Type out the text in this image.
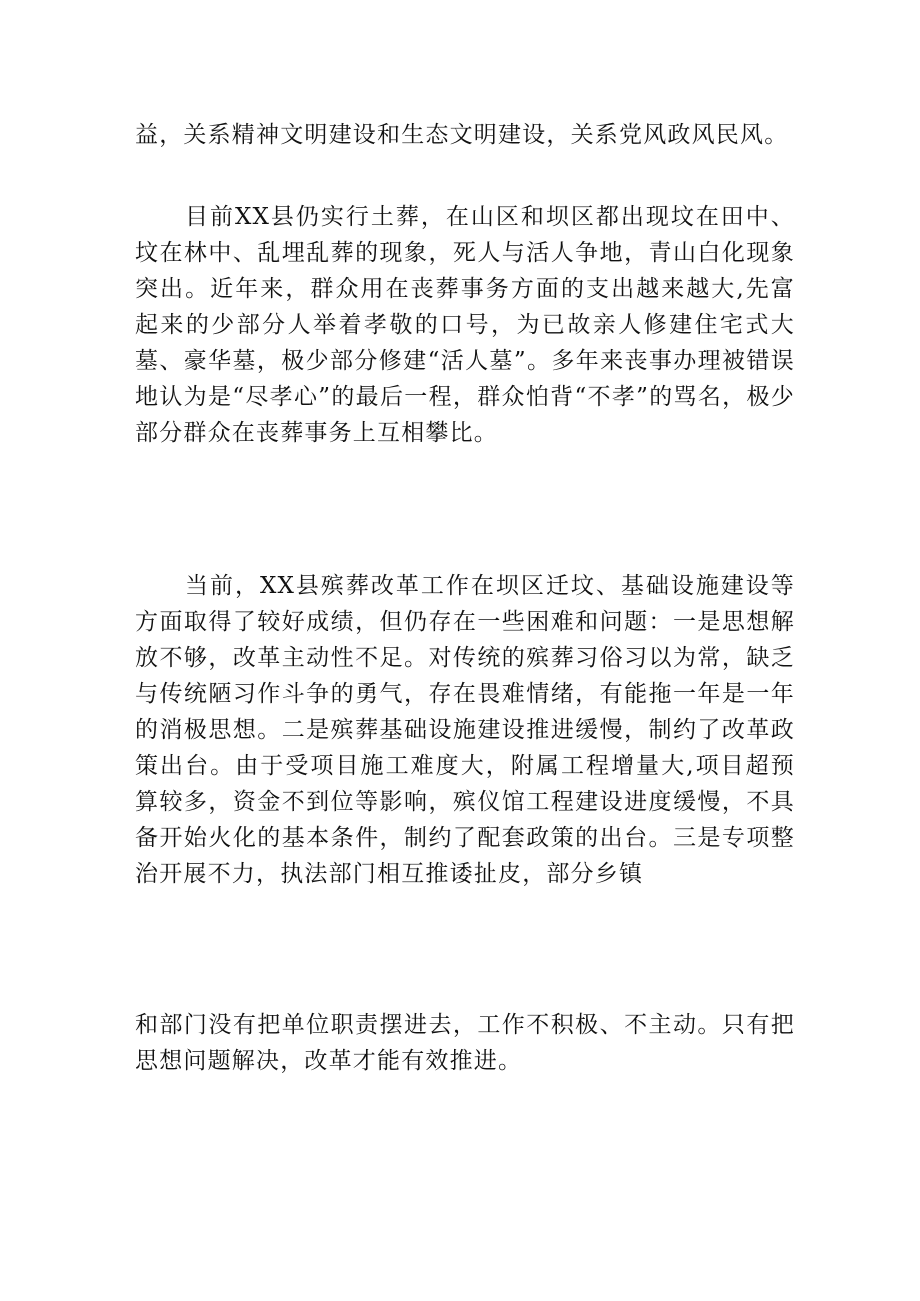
益，关系精神文明建设和生态文明建设，关系党风政风民风。

目前XX县仍实行土葬，在山区和坝区都出现坟在田中、坟在林中、乱埋乱葬的现象，死人与活人争地，青山白化现象突出。近年来，群众用在丧葬事务方面的支出越来越大,先富起来的少部分人举着孝敬的口号，为已故亲人修建住宅式大墓、豪华墓，极少部分修建“活人墓”。多年来丧事办理被错误地认为是“尽孝心”的最后一程，群众怕背“不孝”的骂名，极少部分群众在丧葬事务上互相攀比。

当前，XX县殡葬改革工作在坝区迁坟、基础设施建设等方面取得了较好成绩，但仍存在一些困难和问题：一是思想解放不够，改革主动性不足。对传统的殡葬习俗习以为常，缺乏与传统陋习作斗争的勇气，存在畏难情绪，有能拖一年是一年的消极思想。二是殡葬基础设施建设推进缓慢，制约了改革政策出台。由于受项目施工难度大，附属工程增量大,项目超预算较多，资金不到位等影响，殡仪馆工程建设进度缓慢，不具备开始火化的基本条件，制约了配套政策的出台。三是专项整治开展不力，执法部门相互推诿扯皮，部分乡镇

和部门没有把单位职责摆进去，工作不积极、不主动。只有把思想问题解决，改革才能有效推进。
